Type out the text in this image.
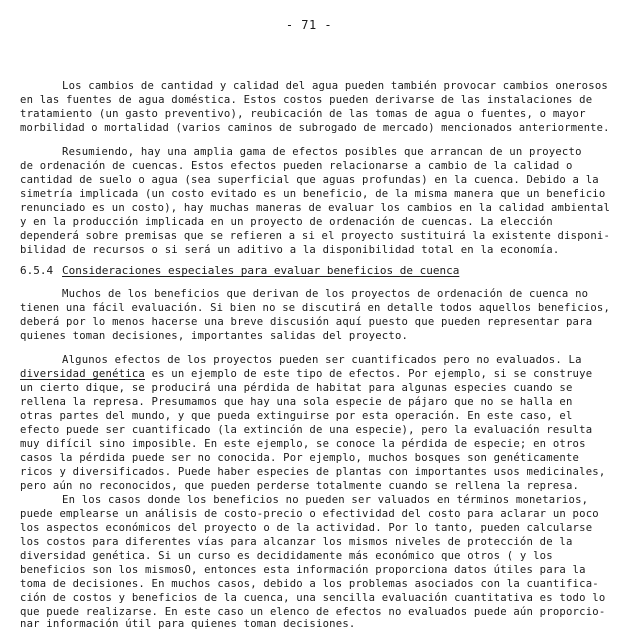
- 71 -
Los cambios de cantidad y calidad del agua pueden también provocar cambios onerosos
en las fuentes de agua doméstica. Estos costos pueden derivarse de las instalaciones de
tratamiento (un gasto preventivo), reubicación de las tomas de agua o fuentes, o mayor
morbilidad o mortalidad (varios caminos de subrogado de mercado) mencionados anteriormente.
Resumiendo, hay una amplia gama de efectos posibles que arrancan de un proyecto
de ordenación de cuencas. Estos efectos pueden relacionarse a cambio de la calidad o
cantidad de suelo o agua (sea superficial que aguas profundas) en la cuenca. Debido a la
simetría implicada (un costo evitado es un beneficio, de la misma manera que un beneficio
renunciado es un costo), hay muchas maneras de evaluar los cambios en la calidad ambiental
y en la producción implicada en un proyecto de ordenación de cuencas. La elección
dependerá sobre premisas que se refieren a si el proyecto sustituirá la existente disponi-
bilidad de recursos o si será un aditivo a la disponibilidad total en la economía.
6.5.4 Consideraciones especiales para evaluar beneficios de cuenca
Muchos de los beneficios que derivan de los proyectos de ordenación de cuenca no
tienen una fácil evaluación. Si bien no se discutirá en detalle todos aquellos beneficios,
deberá por lo menos hacerse una breve discusión aquí puesto que pueden representar para
quienes toman decisiones, importantes salidas del proyecto.
Algunos efectos de los proyectos pueden ser cuantificados pero no evaluados. La
diversidad genética es un ejemplo de este tipo de efectos. Por ejemplo, si se construye
un cierto dique, se producirá una pérdida de habitat para algunas especies cuando se
rellena la represa. Presumamos que hay una sola especie de pájaro que no se halla en
otras partes del mundo, y que pueda extinguirse por esta operación. En este caso, el
efecto puede ser cuantificado (la extinción de una especie), pero la evaluación resulta
muy difícil sino imposible. En este ejemplo, se conoce la pérdida de especie; en otros
casos la pérdida puede ser no conocida. Por ejemplo, muchos bosques son genéticamente
ricos y diversificados. Puede haber especies de plantas con importantes usos medicinales,
pero aún no reconocidos, que pueden perderse totalmente cuando se rellena la represa.
En los casos donde los beneficios no pueden ser valuados en términos monetarios,
puede emplearse un análisis de costo-precio o efectividad del costo para aclarar un poco
los aspectos económicos del proyecto o de la actividad. Por lo tanto, pueden calcularse
los costos para diferentes vías para alcanzar los mismos niveles de protección de la
diversidad genética. Si un curso es decididamente más económico que otros ( y los
beneficios son los mismosO, entonces esta información proporciona datos útiles para la
toma de decisiones. En muchos casos, debido a los problemas asociados con la cuantifica-
ción de costos y beneficios de la cuenca, una sencilla evaluación cuantitativa es todo lo
que puede realizarse. En este caso un elenco de efectos no evaluados puede aún proporcio-
nar información útil para quienes toman decisiones.
